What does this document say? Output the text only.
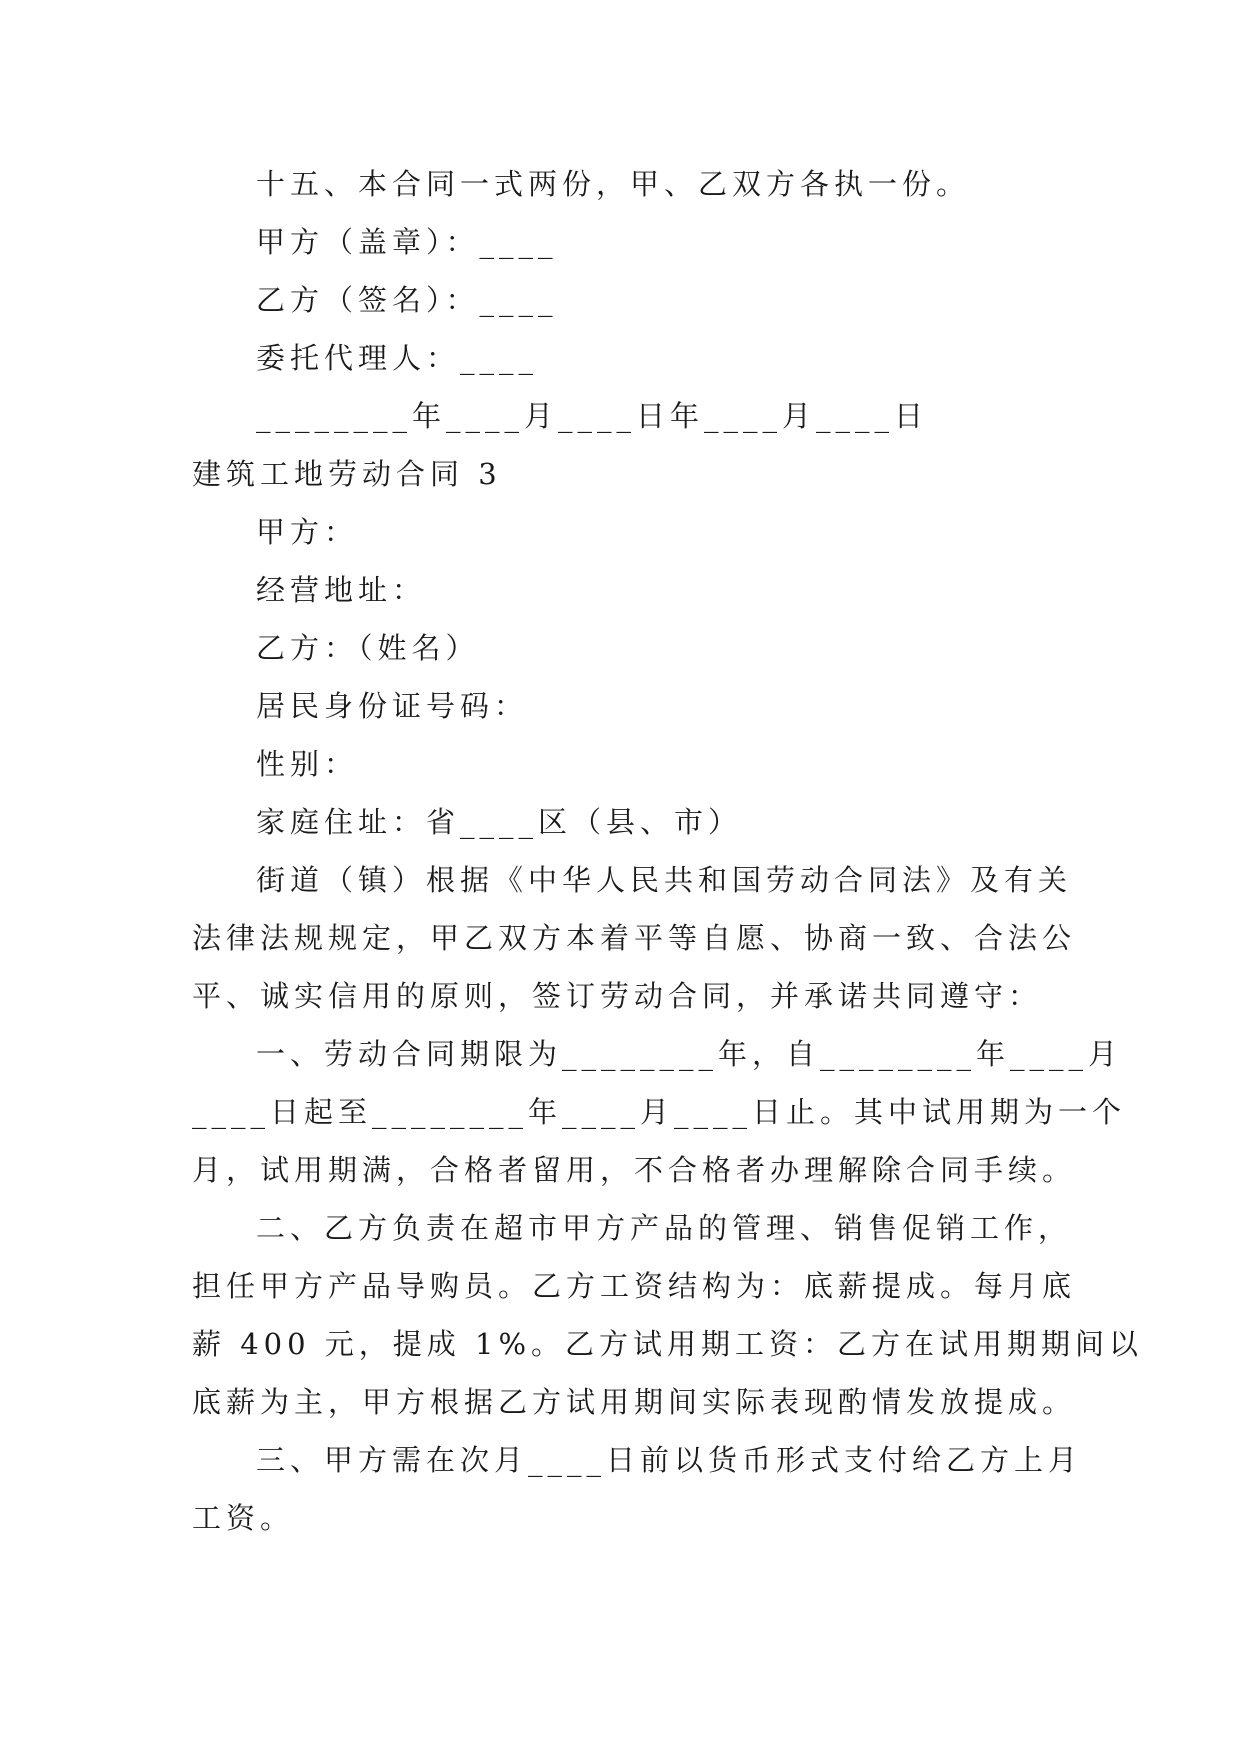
十五、本合同一式两份，甲、乙双方各执一份。
甲方（盖章）：____
乙方（签名）：____
委托代理人：____
________年____月____日年____月____日
建筑工地劳动合同 3
甲方：
经营地址：
乙方：（姓名）
居民身份证号码：
性别：
家庭住址：省____区（县、市）
街道（镇）根据《中华人民共和国劳动合同法》及有关
法律法规规定，甲乙双方本着平等自愿、协商一致、合法公
平、诚实信用的原则，签订劳动合同，并承诺共同遵守：
一、劳动合同期限为________年，自________年____月
____日起至________年____月____日止。其中试用期为一个
月，试用期满，合格者留用，不合格者办理解除合同手续。
二、乙方负责在超市甲方产品的管理、销售促销工作，
担任甲方产品导购员。乙方工资结构为：底薪提成。每月底
薪 400 元，提成 1%。乙方试用期工资：乙方在试用期期间以
底薪为主，甲方根据乙方试用期间实际表现酌情发放提成。
三、甲方需在次月____日前以货币形式支付给乙方上月
工资。
